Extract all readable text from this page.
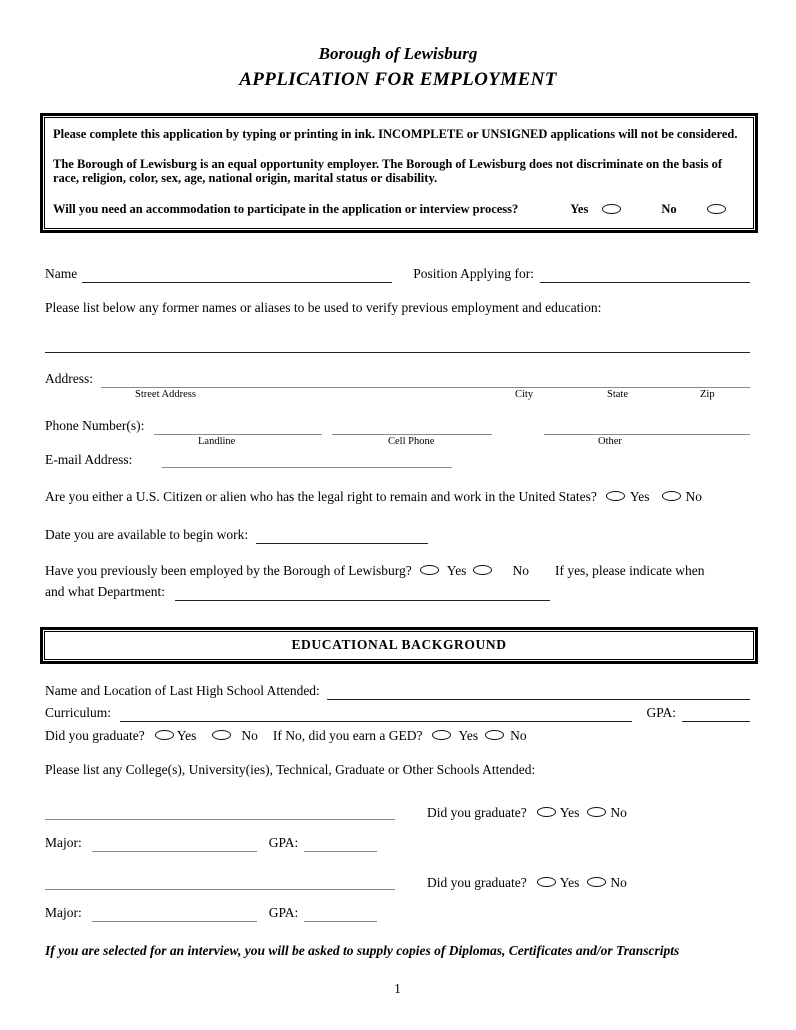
Borough of Lewisburg
APPLICATION FOR EMPLOYMENT
Please complete this application by typing or printing in ink. INCOMPLETE or UNSIGNED applications will not be considered.
The Borough of Lewisburg is an equal opportunity employer. The Borough of Lewisburg does not discriminate on the basis of race, religion, color, sex, age, national origin, marital status or disability.
Will you need an accommodation to participate in the application or interview process?	Yes	No
Name	Position Applying for:
Please list below any former names or aliases to be used to verify previous employment and education:
Address:
Street Address	City	State	Zip
Phone Number(s):
Landline	Cell Phone	Other
E-mail Address:
Are you either a U.S. Citizen or alien who has the legal right to remain and work in the United States? Yes	No
Date you are available to begin work:
Have you previously been employed by the Borough of Lewisburg?	Yes	No If yes, please indicate when
and what Department:
EDUCATIONAL BACKGROUND
Name and Location of Last High School Attended:
Curriculum:	GPA:
Did you graduate? Yes	No If No, did you earn a GED?	Yes No
Please list any College(s), University(ies), Technical, Graduate or Other Schools Attended:
Did you graduate? Yes No
Major:	GPA:
Did you graduate? Yes No
Major:	GPA:
If you are selected for an interview, you will be asked to supply copies of Diplomas, Certificates and/or Transcripts
1
